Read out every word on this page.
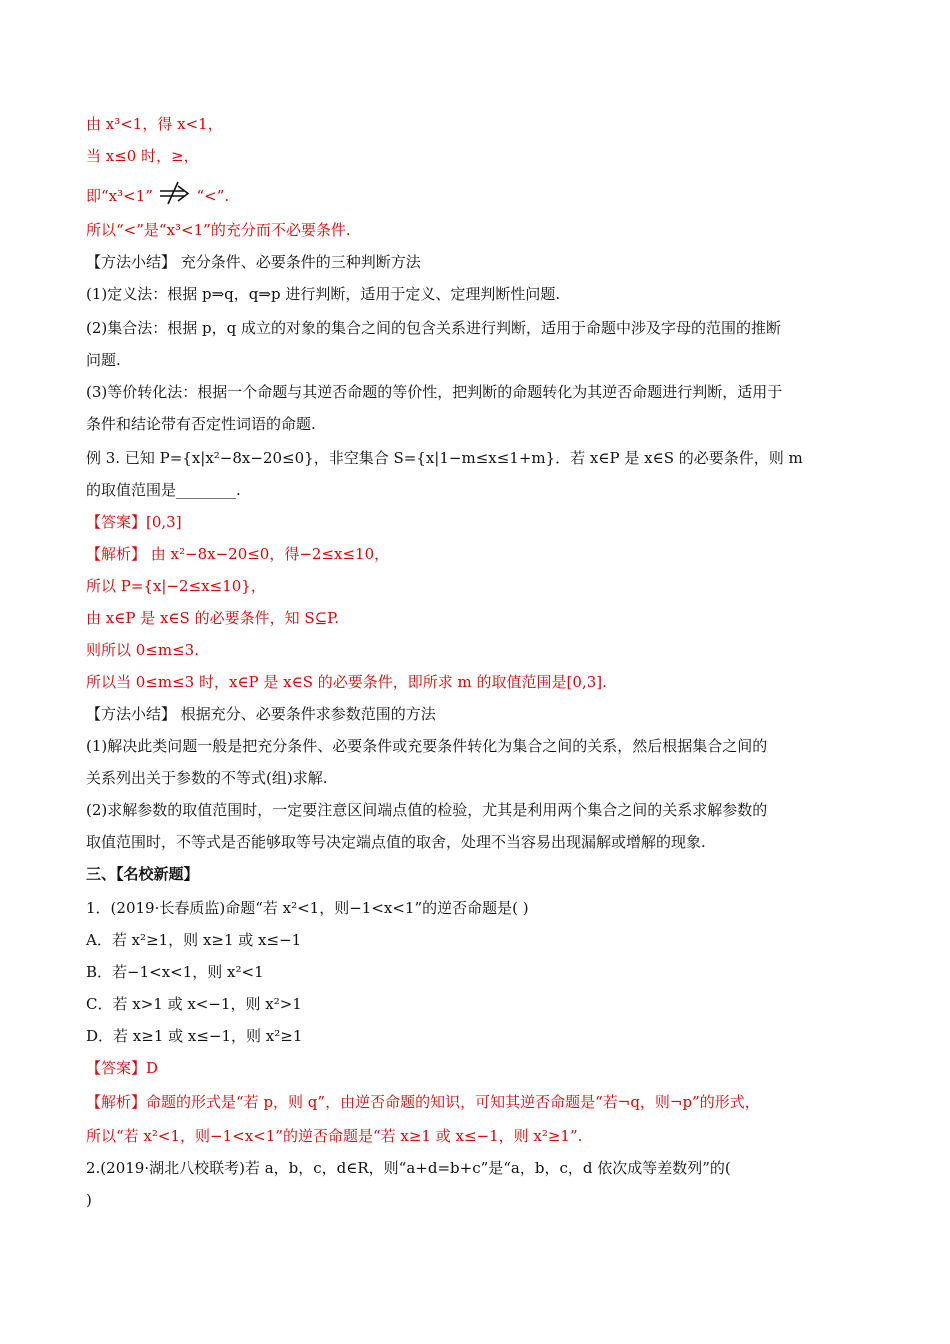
由 x³<1，得 x<1，
当 x≤0 时，≥，
即“x³<1”	“<”.
所以“<”是“x³<1”的充分而不必要条件.
【方法小结】 充分条件、必要条件的三种判断方法
(1)定义法：根据 p⇒q，q⇒p 进行判断，适用于定义、定理判断性问题.
(2)集合法：根据 p，q 成立的对象的集合之间的包含关系进行判断，适用于命题中涉及字母的范围的推断
问题.
(3)等价转化法：根据一个命题与其逆否命题的等价性，把判断的命题转化为其逆否命题进行判断，适用于
条件和结论带有否定性词语的命题.
例 3. 已知 P={x|x²−8x−20≤0}，非空集合 S={x|1−m≤x≤1+m}．若 x∈P 是 x∈S 的必要条件，则 m
的取值范围是________.
【答案】[0,3]
【解析】 由 x²−8x−20≤0，得−2≤x≤10，
所以 P={x|−2≤x≤10}，
由 x∈P 是 x∈S 的必要条件，知 S⊆P.
则所以 0≤m≤3.
所以当 0≤m≤3 时，x∈P 是 x∈S 的必要条件，即所求 m 的取值范围是[0,3].
【方法小结】 根据充分、必要条件求参数范围的方法
(1)解决此类问题一般是把充分条件、必要条件或充要条件转化为集合之间的关系，然后根据集合之间的
关系列出关于参数的不等式(组)求解.
(2)求解参数的取值范围时，一定要注意区间端点值的检验，尤其是利用两个集合之间的关系求解参数的
取值范围时，不等式是否能够取等号决定端点值的取舍，处理不当容易出现漏解或增解的现象.
三、【名校新题】
1．(2019·长春质监)命题“若 x²<1，则−1<x<1”的逆否命题是( )
A．若 x²≥1，则 x≥1 或 x≤−1
B．若−1<x<1，则 x²<1
C．若 x>1 或 x<−1，则 x²>1
D．若 x≥1 或 x≤−1，则 x²≥1
【答案】D
【解析】命题的形式是“若 p，则 q”，由逆否命题的知识，可知其逆否命题是“若¬q，则¬p”的形式，
所以“若 x²<1，则−1<x<1”的逆否命题是“若 x≥1 或 x≤−1，则 x²≥1”.
2.(2019·湖北八校联考)若 a，b，c，d∈R，则“a+d=b+c”是“a，b，c，d 依次成等差数列”的(
)
